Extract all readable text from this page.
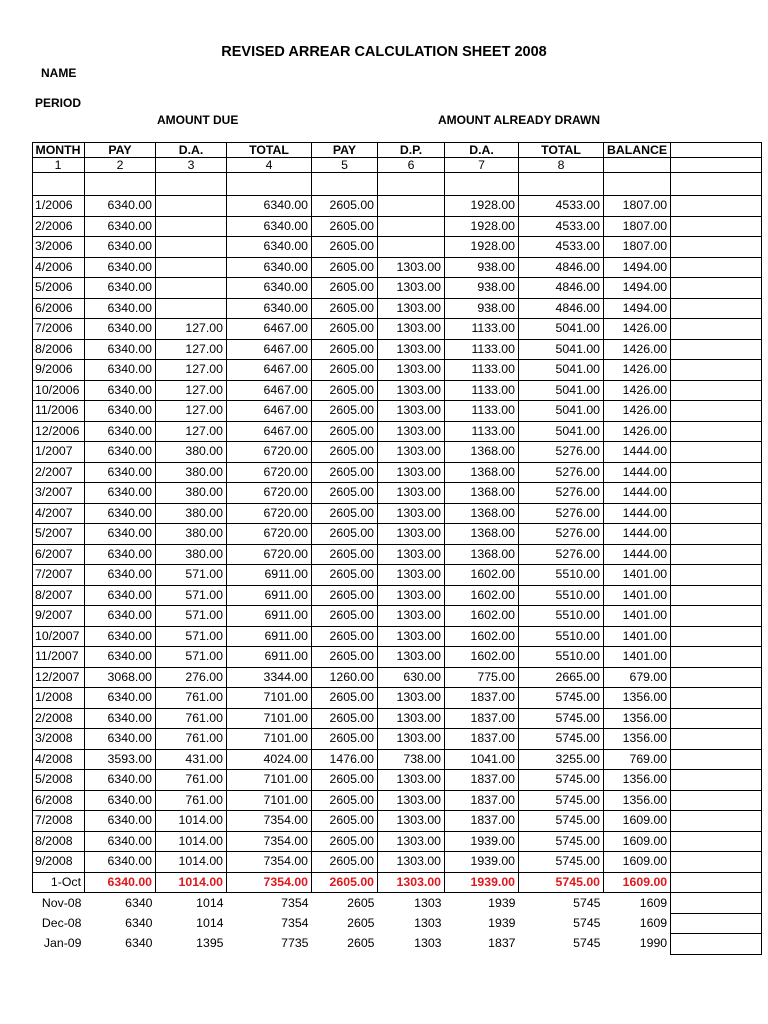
REVISED ARREAR CALCULATION SHEET 2008
NAME
PERIOD
AMOUNT DUE	AMOUNT ALREADY DRAWN
MONTH	PAY	D.A.	TOTAL	PAY	D.P.	D.A.	TOTAL	BALANCE	
1	2	3	4	5	6	7	8		

1/2006	6340.00		6340.00	2605.00		1928.00	4533.00	1807.00	
2/2006	6340.00		6340.00	2605.00		1928.00	4533.00	1807.00	
3/2006	6340.00		6340.00	2605.00		1928.00	4533.00	1807.00	
4/2006	6340.00		6340.00	2605.00	1303.00	938.00	4846.00	1494.00	
5/2006	6340.00		6340.00	2605.00	1303.00	938.00	4846.00	1494.00	
6/2006	6340.00		6340.00	2605.00	1303.00	938.00	4846.00	1494.00	
7/2006	6340.00	127.00	6467.00	2605.00	1303.00	1133.00	5041.00	1426.00	
8/2006	6340.00	127.00	6467.00	2605.00	1303.00	1133.00	5041.00	1426.00	
9/2006	6340.00	127.00	6467.00	2605.00	1303.00	1133.00	5041.00	1426.00	
10/2006	6340.00	127.00	6467.00	2605.00	1303.00	1133.00	5041.00	1426.00	
11/2006	6340.00	127.00	6467.00	2605.00	1303.00	1133.00	5041.00	1426.00	
12/2006	6340.00	127.00	6467.00	2605.00	1303.00	1133.00	5041.00	1426.00	
1/2007	6340.00	380.00	6720.00	2605.00	1303.00	1368.00	5276.00	1444.00	
2/2007	6340.00	380.00	6720.00	2605.00	1303.00	1368.00	5276.00	1444.00	
3/2007	6340.00	380.00	6720.00	2605.00	1303.00	1368.00	5276.00	1444.00	
4/2007	6340.00	380.00	6720.00	2605.00	1303.00	1368.00	5276.00	1444.00	
5/2007	6340.00	380.00	6720.00	2605.00	1303.00	1368.00	5276.00	1444.00	
6/2007	6340.00	380.00	6720.00	2605.00	1303.00	1368.00	5276.00	1444.00	
7/2007	6340.00	571.00	6911.00	2605.00	1303.00	1602.00	5510.00	1401.00	
8/2007	6340.00	571.00	6911.00	2605.00	1303.00	1602.00	5510.00	1401.00	
9/2007	6340.00	571.00	6911.00	2605.00	1303.00	1602.00	5510.00	1401.00	
10/2007	6340.00	571.00	6911.00	2605.00	1303.00	1602.00	5510.00	1401.00	
11/2007	6340.00	571.00	6911.00	2605.00	1303.00	1602.00	5510.00	1401.00	
12/2007	3068.00	276.00	3344.00	1260.00	630.00	775.00	2665.00	679.00	
1/2008	6340.00	761.00	7101.00	2605.00	1303.00	1837.00	5745.00	1356.00	
2/2008	6340.00	761.00	7101.00	2605.00	1303.00	1837.00	5745.00	1356.00	
3/2008	6340.00	761.00	7101.00	2605.00	1303.00	1837.00	5745.00	1356.00	
4/2008	3593.00	431.00	4024.00	1476.00	738.00	1041.00	3255.00	769.00	
5/2008	6340.00	761.00	7101.00	2605.00	1303.00	1837.00	5745.00	1356.00	
6/2008	6340.00	761.00	7101.00	2605.00	1303.00	1837.00	5745.00	1356.00	
7/2008	6340.00	1014.00	7354.00	2605.00	1303.00	1837.00	5745.00	1609.00	
8/2008	6340.00	1014.00	7354.00	2605.00	1303.00	1939.00	5745.00	1609.00	
9/2008	6340.00	1014.00	7354.00	2605.00	1303.00	1939.00	5745.00	1609.00	
1-Oct	6340.00	1014.00	7354.00	2605.00	1303.00	1939.00	5745.00	1609.00	
Nov-08	6340	1014	7354	2605	1303	1939	5745	1609	
Dec-08	6340	1014	7354	2605	1303	1939	5745	1609	
Jan-09	6340	1395	7735	2605	1303	1837	5745	1990	
